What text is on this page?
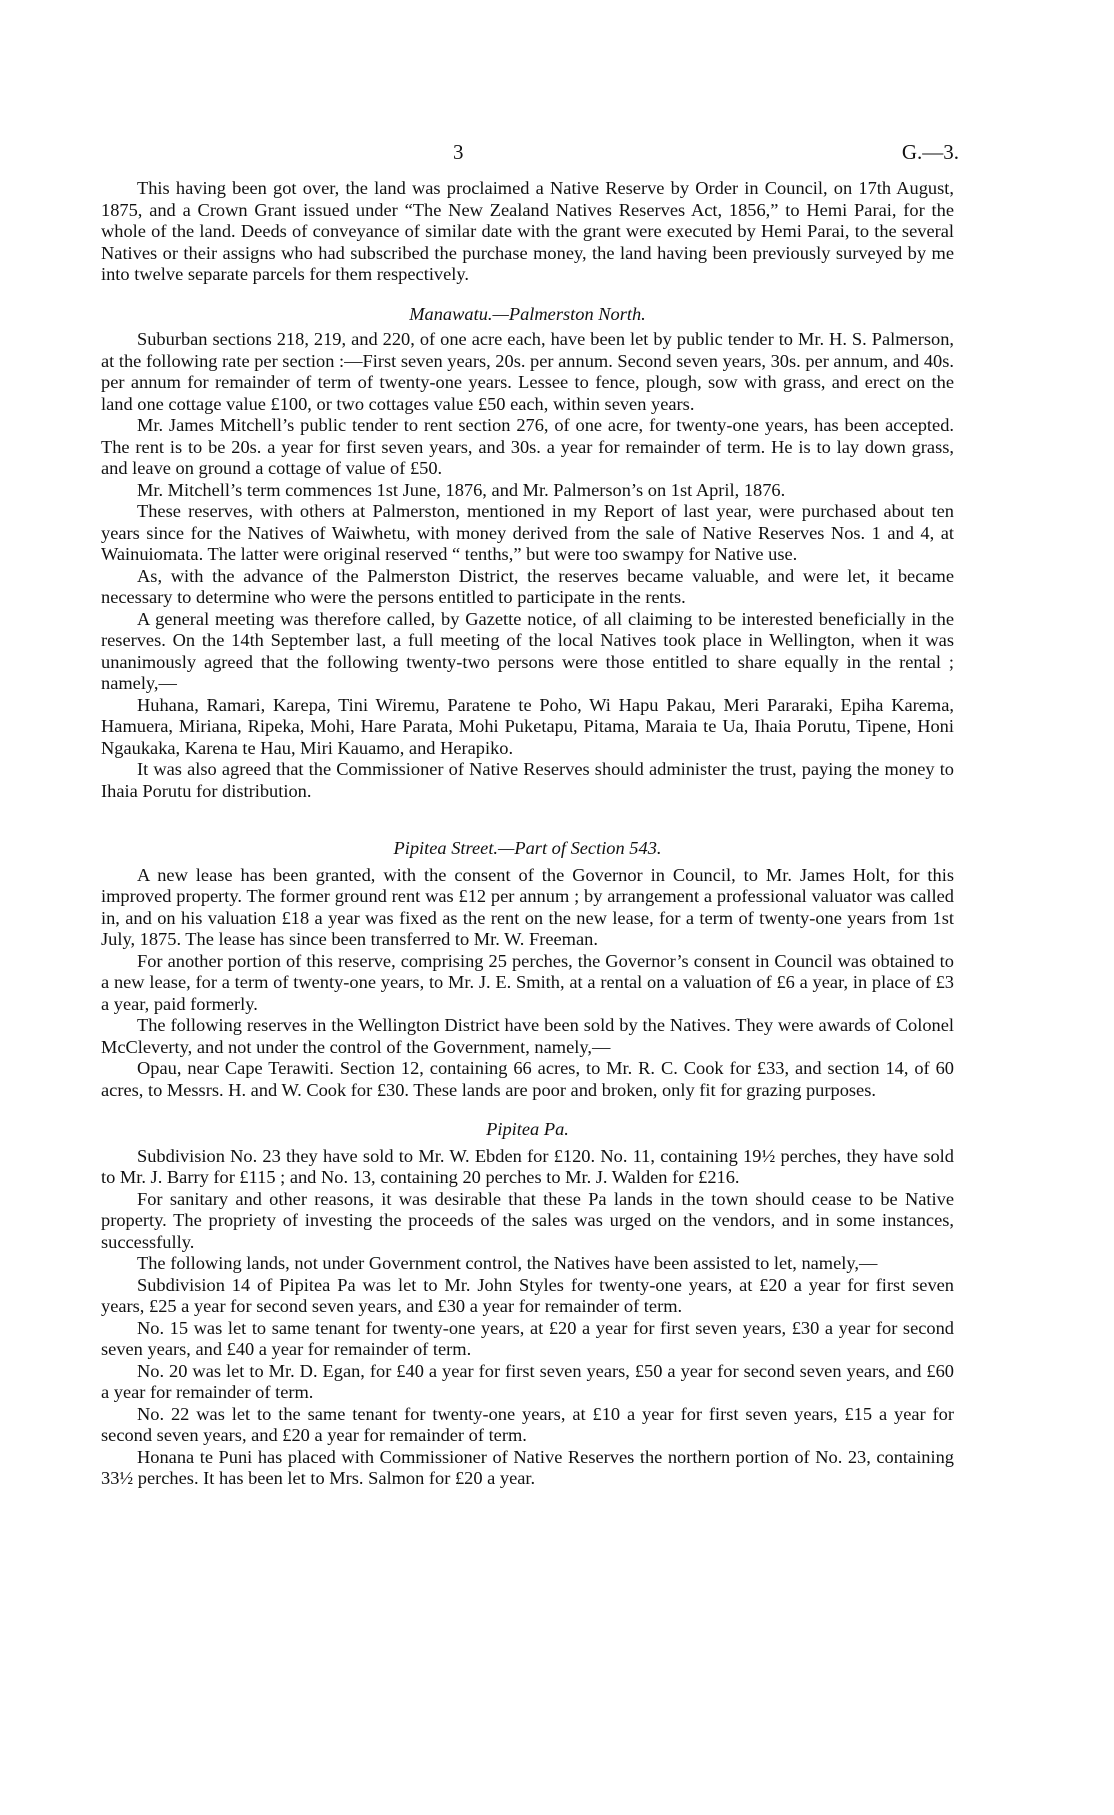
3	G.—3.

This having been got over, the land was proclaimed a Native Reserve by Order in Council, on 17th August, 1875, and a Crown Grant issued under “The New Zealand Natives Reserves Act, 1856,” to Hemi Parai, for the whole of the land. Deeds of conveyance of similar date with the grant were executed by Hemi Parai, to the several Natives or their assigns who had subscribed the purchase money, the land having been previously surveyed by me into twelve separate parcels for them respectively.

Manawatu.—Palmerston North.

Suburban sections 218, 219, and 220, of one acre each, have been let by public tender to Mr. H. S. Palmerson, at the following rate per section :—First seven years, 20s. per annum. Second seven years, 30s. per annum, and 40s. per annum for remainder of term of twenty-one years. Lessee to fence, plough, sow with grass, and erect on the land one cottage value £100, or two cottages value £50 each, within seven years.

Mr. James Mitchell’s public tender to rent section 276, of one acre, for twenty-one years, has been accepted. The rent is to be 20s. a year for first seven years, and 30s. a year for remainder of term. He is to lay down grass, and leave on ground a cottage of value of £50.

Mr. Mitchell’s term commences 1st June, 1876, and Mr. Palmerson’s on 1st April, 1876.

These reserves, with others at Palmerston, mentioned in my Report of last year, were purchased about ten years since for the Natives of Waiwhetu, with money derived from the sale of Native Reserves Nos. 1 and 4, at Wainuiomata. The latter were original reserved “ tenths,” but were too swampy for Native use.

As, with the advance of the Palmerston District, the reserves became valuable, and were let, it became necessary to determine who were the persons entitled to participate in the rents.

A general meeting was therefore called, by Gazette notice, of all claiming to be interested beneficially in the reserves. On the 14th September last, a full meeting of the local Natives took place in Wellington, when it was unanimously agreed that the following twenty-two persons were those entitled to share equally in the rental ; namely,—

Huhana, Ramari, Karepa, Tini Wiremu, Paratene te Poho, Wi Hapu Pakau, Meri Pararaki, Epiha Karema, Hamuera, Miriana, Ripeka, Mohi, Hare Parata, Mohi Puketapu, Pitama, Maraia te Ua, Ihaia Porutu, Tipene, Honi Ngaukaka, Karena te Hau, Miri Kauamo, and Herapiko.

It was also agreed that the Commissioner of Native Reserves should administer the trust, paying the money to Ihaia Porutu for distribution.

Pipitea Street.—Part of Section 543.

A new lease has been granted, with the consent of the Governor in Council, to Mr. James Holt, for this improved property. The former ground rent was £12 per annum ; by arrangement a professional valuator was called in, and on his valuation £18 a year was fixed as the rent on the new lease, for a term of twenty-one years from 1st July, 1875. The lease has since been transferred to Mr. W. Freeman.

For another portion of this reserve, comprising 25 perches, the Governor’s consent in Council was obtained to a new lease, for a term of twenty-one years, to Mr. J. E. Smith, at a rental on a valuation of £6 a year, in place of £3 a year, paid formerly.

The following reserves in the Wellington District have been sold by the Natives. They were awards of Colonel McCleverty, and not under the control of the Government, namely,—

Opau, near Cape Terawiti. Section 12, containing 66 acres, to Mr. R. C. Cook for £33, and section 14, of 60 acres, to Messrs. H. and W. Cook for £30. These lands are poor and broken, only fit for grazing purposes.

Pipitea Pa.

Subdivision No. 23 they have sold to Mr. W. Ebden for £120. No. 11, containing 19½ perches, they have sold to Mr. J. Barry for £115 ; and No. 13, containing 20 perches to Mr. J. Walden for £216.

For sanitary and other reasons, it was desirable that these Pa lands in the town should cease to be Native property. The propriety of investing the proceeds of the sales was urged on the vendors, and in some instances, successfully.

The following lands, not under Government control, the Natives have been assisted to let, namely,—

Subdivision 14 of Pipitea Pa was let to Mr. John Styles for twenty-one years, at £20 a year for first seven years, £25 a year for second seven years, and £30 a year for remainder of term.

No. 15 was let to same tenant for twenty-one years, at £20 a year for first seven years, £30 a year for second seven years, and £40 a year for remainder of term.

No. 20 was let to Mr. D. Egan, for £40 a year for first seven years, £50 a year for second seven years, and £60 a year for remainder of term.

No. 22 was let to the same tenant for twenty-one years, at £10 a year for first seven years, £15 a year for second seven years, and £20 a year for remainder of term.

Honana te Puni has placed with Commissioner of Native Reserves the northern portion of No. 23, containing 33½ perches. It has been let to Mrs. Salmon for £20 a year.
